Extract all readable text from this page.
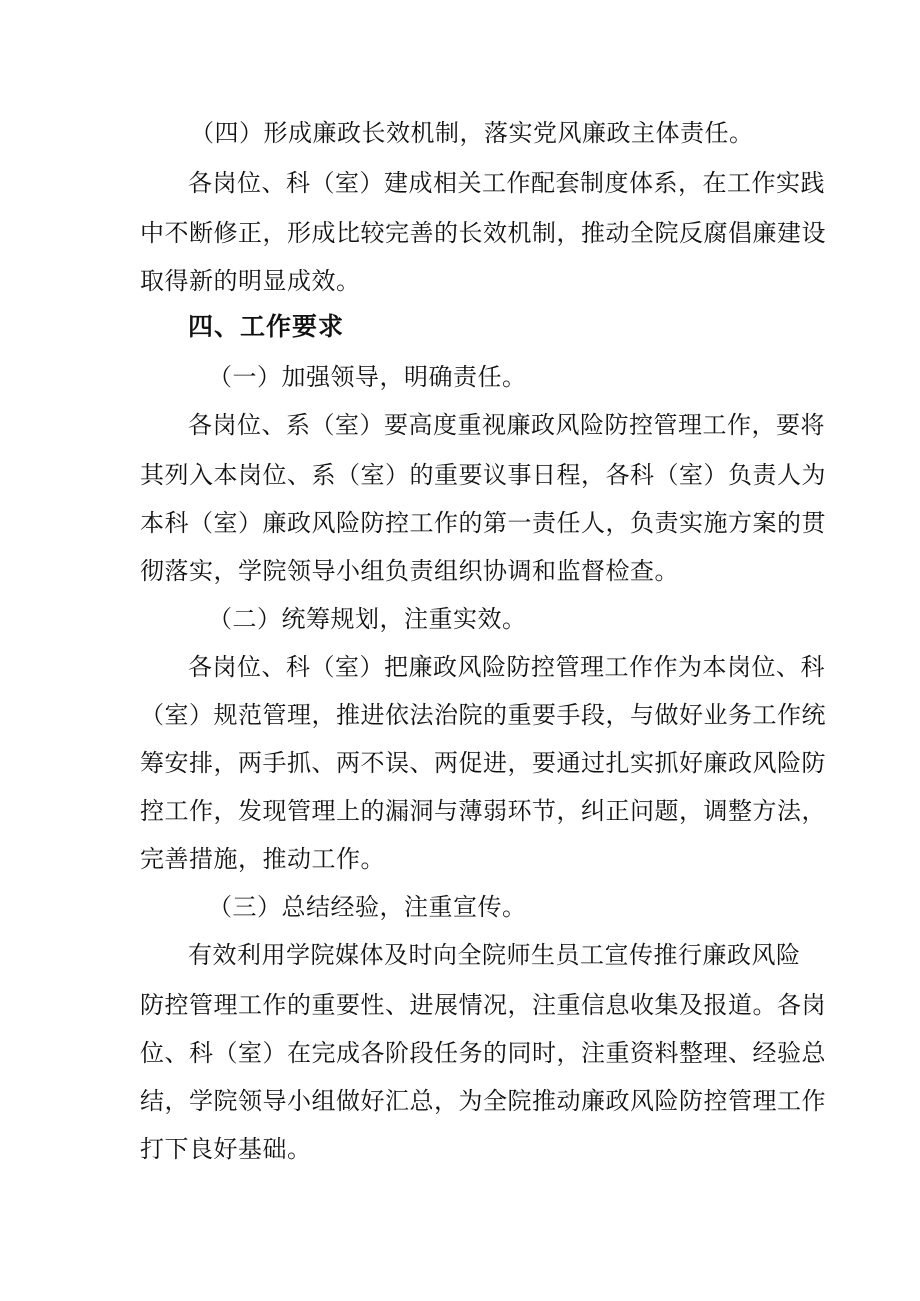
（四）形成廉政长效机制，落实党风廉政主体责任。
各岗位、科（室）建成相关工作配套制度体系，在工作实践
中不断修正，形成比较完善的长效机制，推动全院反腐倡廉建设
取得新的明显成效。
四、工作要求
（一）加强领导，明确责任。
各岗位、系（室）要高度重视廉政风险防控管理工作，要将
其列入本岗位、系（室）的重要议事日程，各科（室）负责人为
本科（室）廉政风险防控工作的第一责任人，负责实施方案的贯
彻落实，学院领导小组负责组织协调和监督检查。
（二）统筹规划，注重实效。
各岗位、科（室）把廉政风险防控管理工作作为本岗位、科
（室）规范管理，推进依法治院的重要手段，与做好业务工作统
筹安排，两手抓、两不误、两促进，要通过扎实抓好廉政风险防
控工作，发现管理上的漏洞与薄弱环节，纠正问题，调整方法，
完善措施，推动工作。
（三）总结经验，注重宣传。
有效利用学院媒体及时向全院师生员工宣传推行廉政风险
防控管理工作的重要性、进展情况，注重信息收集及报道。各岗
位、科（室）在完成各阶段任务的同时，注重资料整理、经验总
结，学院领导小组做好汇总，为全院推动廉政风险防控管理工作
打下良好基础。
